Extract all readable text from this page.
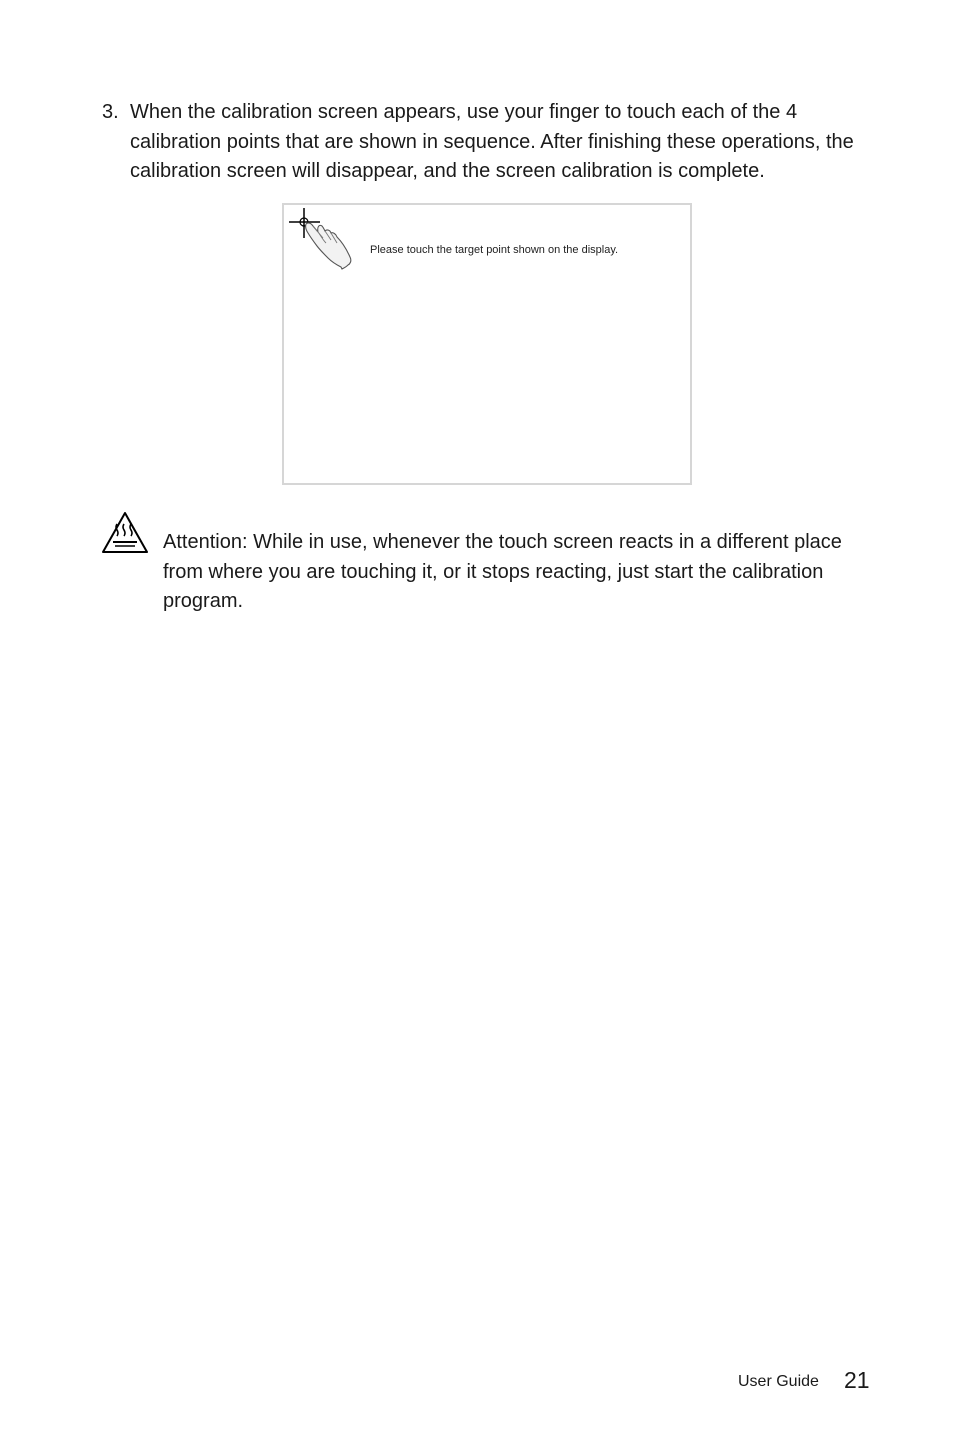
3. When the calibration screen appears, use your finger to touch each of the 4 calibration points that are shown in sequence. After finishing these operations, the calibration screen will disappear, and the screen calibration is complete.
Please touch the target point shown on the display.
Attention: While in use, whenever the touch screen reacts in a different place from where you are touching it, or it stops reacting, just start the calibration program.
User Guide 21
